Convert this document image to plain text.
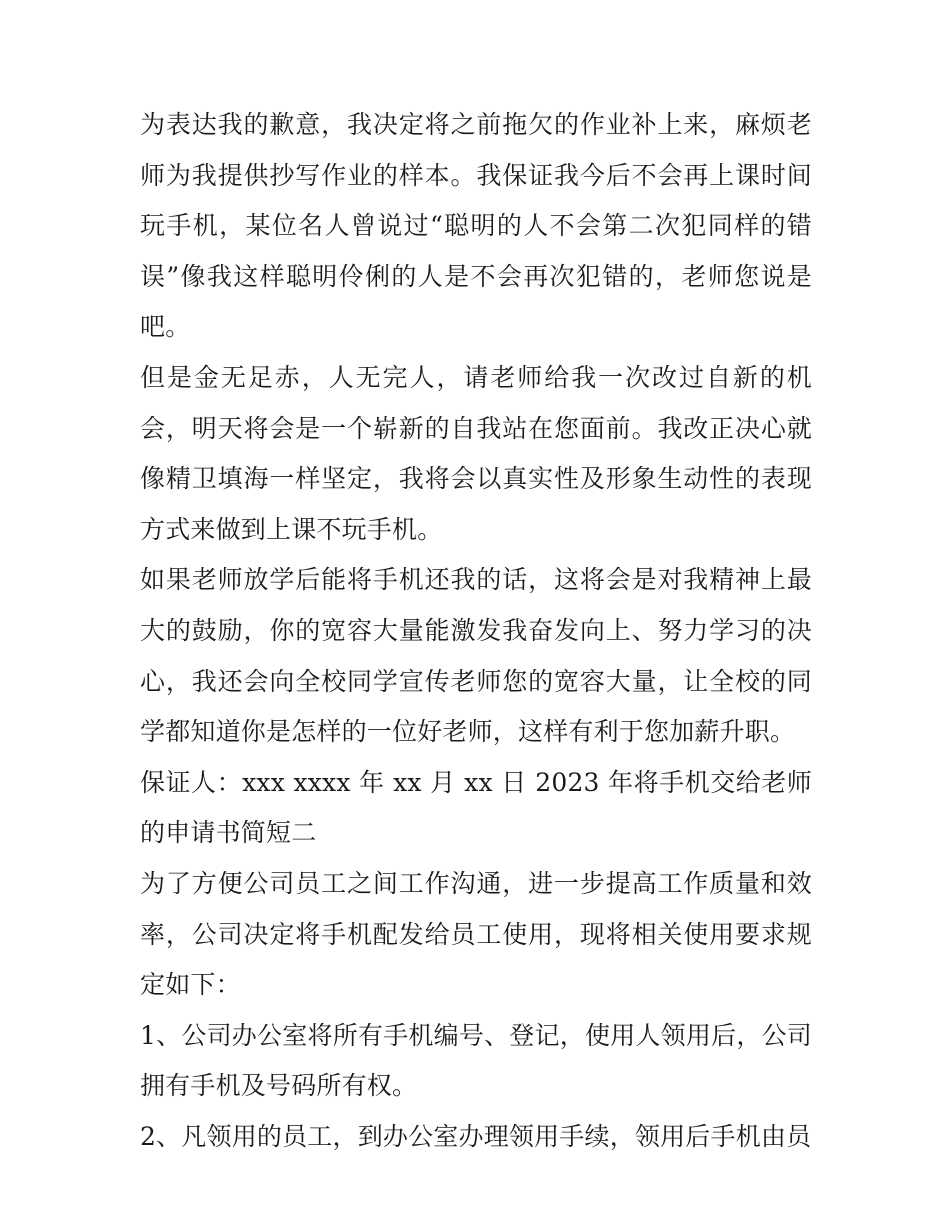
为表达我的歉意，我决定将之前拖欠的作业补上来，麻烦老师为我提供抄写作业的样本。我保证我今后不会再上课时间玩手机，某位名人曾说过“聪明的人不会第二次犯同样的错误”像我这样聪明伶俐的人是不会再次犯错的，老师您说是吧。

但是金无足赤，人无完人，请老师给我一次改过自新的机会，明天将会是一个崭新的自我站在您面前。我改正决心就像精卫填海一样坚定，我将会以真实性及形象生动性的表现方式来做到上课不玩手机。

如果老师放学后能将手机还我的话，这将会是对我精神上最大的鼓励，你的宽容大量能激发我奋发向上、努力学习的决心，我还会向全校同学宣传老师您的宽容大量，让全校的同学都知道你是怎样的一位好老师，这样有利于您加薪升职。

保证人：xxx xxxx 年 xx 月 xx 日 2023 年将手机交给老师的申请书简短二

为了方便公司员工之间工作沟通，进一步提高工作质量和效率，公司决定将手机配发给员工使用，现将相关使用要求规定如下：

1、公司办公室将所有手机编号、登记，使用人领用后，公司拥有手机及号码所有权。

2、凡领用的员工，到办公室办理领用手续，领用后手机由员
